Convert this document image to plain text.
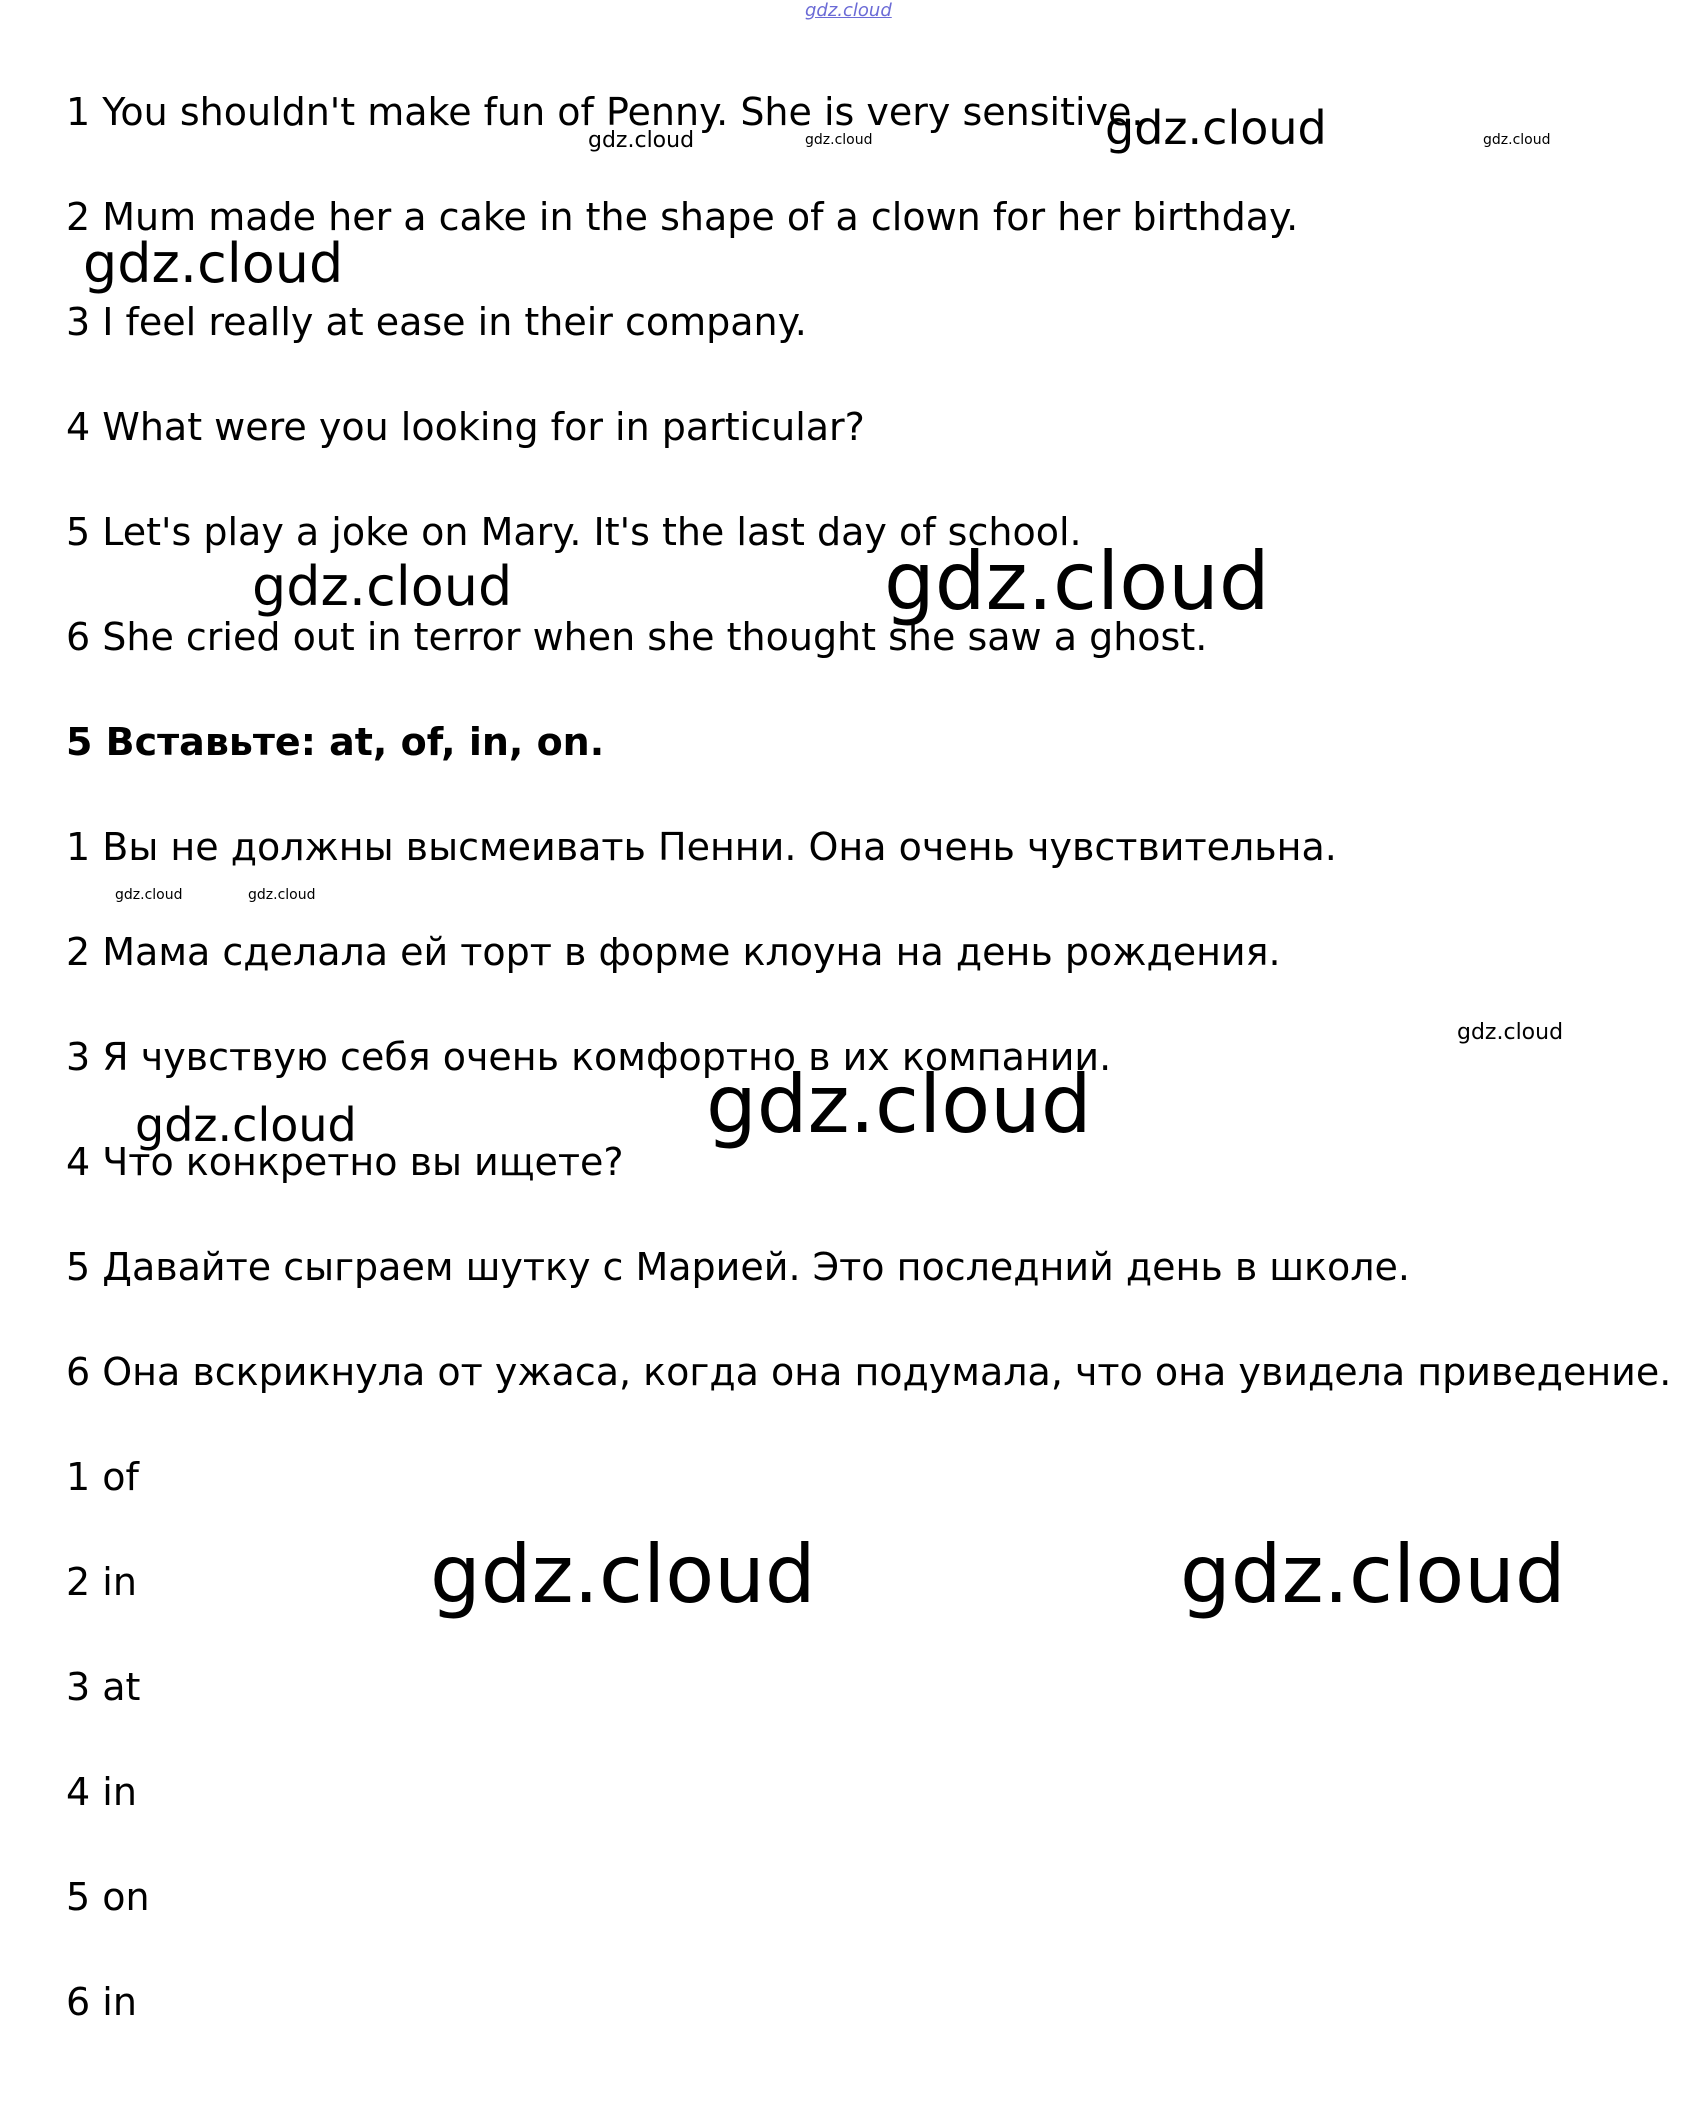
gdz.cloud
1 You shouldn't make fun of Penny. She is very sensitive.
2 Mum made her a cake in the shape of a clown for her birthday.
3 I feel really at ease in their company.
4 What were you looking for in particular?
5 Let's play a joke on Mary. It's the last day of school.
6 She cried out in terror when she thought she saw a ghost.
5 Вставьте: at, of, in, on.
1 Вы не должны высмеивать Пенни. Она очень чувствительна.
2 Мама сделала ей торт в форме клоуна на день рождения.
3 Я чувствую себя очень комфортно в их компании.
4 Что конкретно вы ищете?
5 Давайте сыграем шутку с Марией. Это последний день в школе.
6 Она вскрикнула от ужаса, когда она подумала, что она увидела приведение.
1 of
2 in
3 at
4 in
5 on
6 in
gdz.cloud	gdz.cloud	gdz.cloud	gdz.cloud
gdz.cloud
gdz.cloud	gdz.cloud
gdz.cloud	gdz.cloud
gdz.cloud
gdz.cloud	gdz.cloud
gdz.cloud	gdz.cloud
